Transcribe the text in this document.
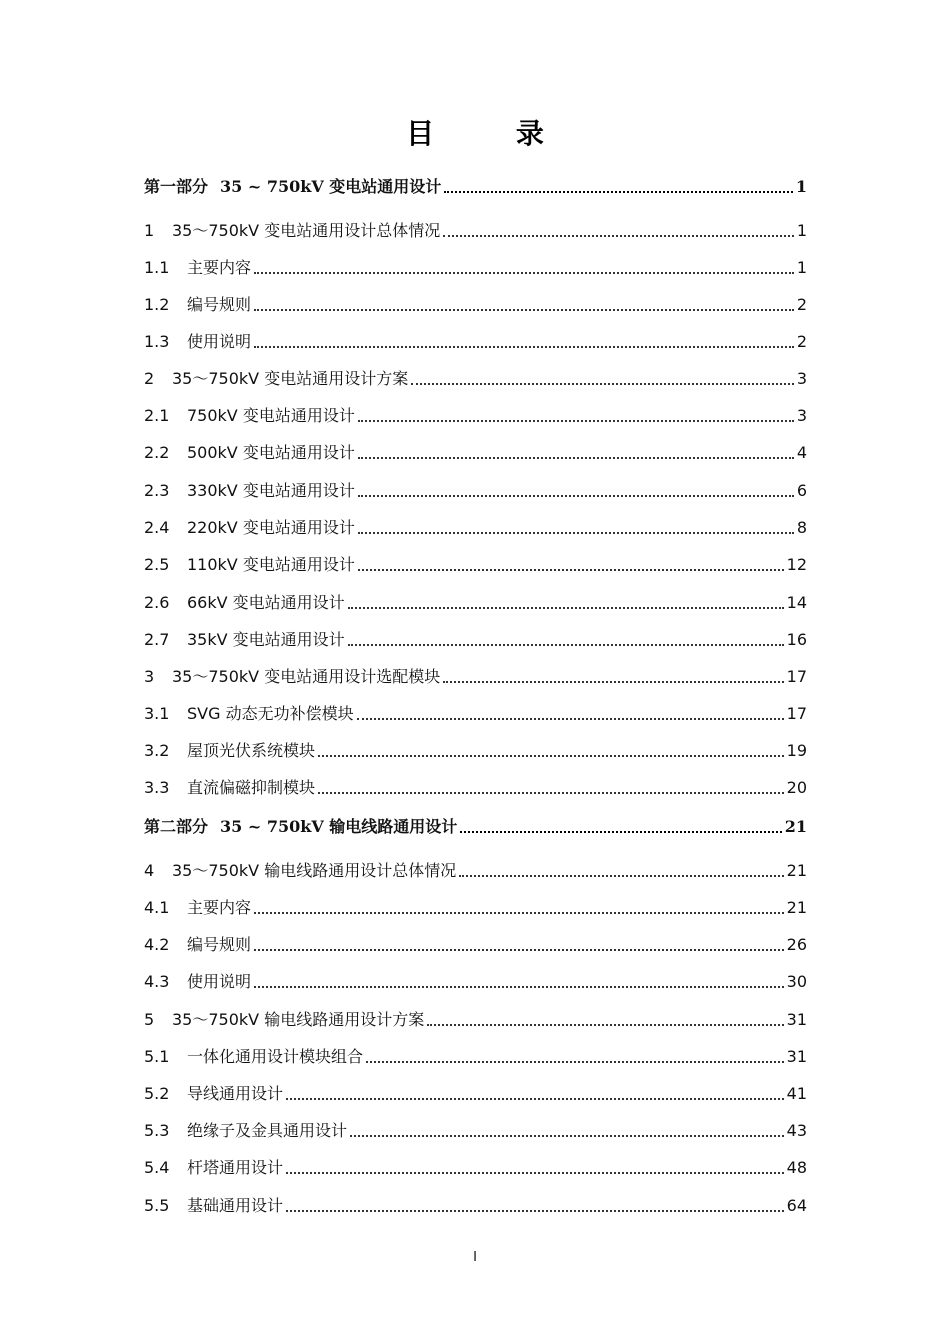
目 录
第一部分 35 ~ 750kV 变电站通用设计	1
1	35～750kV 变电站通用设计总体情况	1
1.1	主要内容	1
1.2	编号规则	2
1.3	使用说明	2
2	35～750kV 变电站通用设计方案	3
2.1	750kV 变电站通用设计	3
2.2	500kV 变电站通用设计	4
2.3	330kV 变电站通用设计	6
2.4	220kV 变电站通用设计	8
2.5	110kV 变电站通用设计	12
2.6	66kV 变电站通用设计	14
2.7	35kV 变电站通用设计	16
3	35～750kV 变电站通用设计选配模块	17
3.1	SVG 动态无功补偿模块	17
3.2	屋顶光伏系统模块	19
3.3	直流偏磁抑制模块	20
第二部分 35 ~ 750kV 输电线路通用设计	21
4	35～750kV 输电线路通用设计总体情况	21
4.1	主要内容	21
4.2	编号规则	26
4.3	使用说明	30
5	35～750kV 输电线路通用设计方案	31
5.1	一体化通用设计模块组合	31
5.2	导线通用设计	41
5.3	绝缘子及金具通用设计	43
5.4	杆塔通用设计	48
5.5	基础通用设计	64
I
